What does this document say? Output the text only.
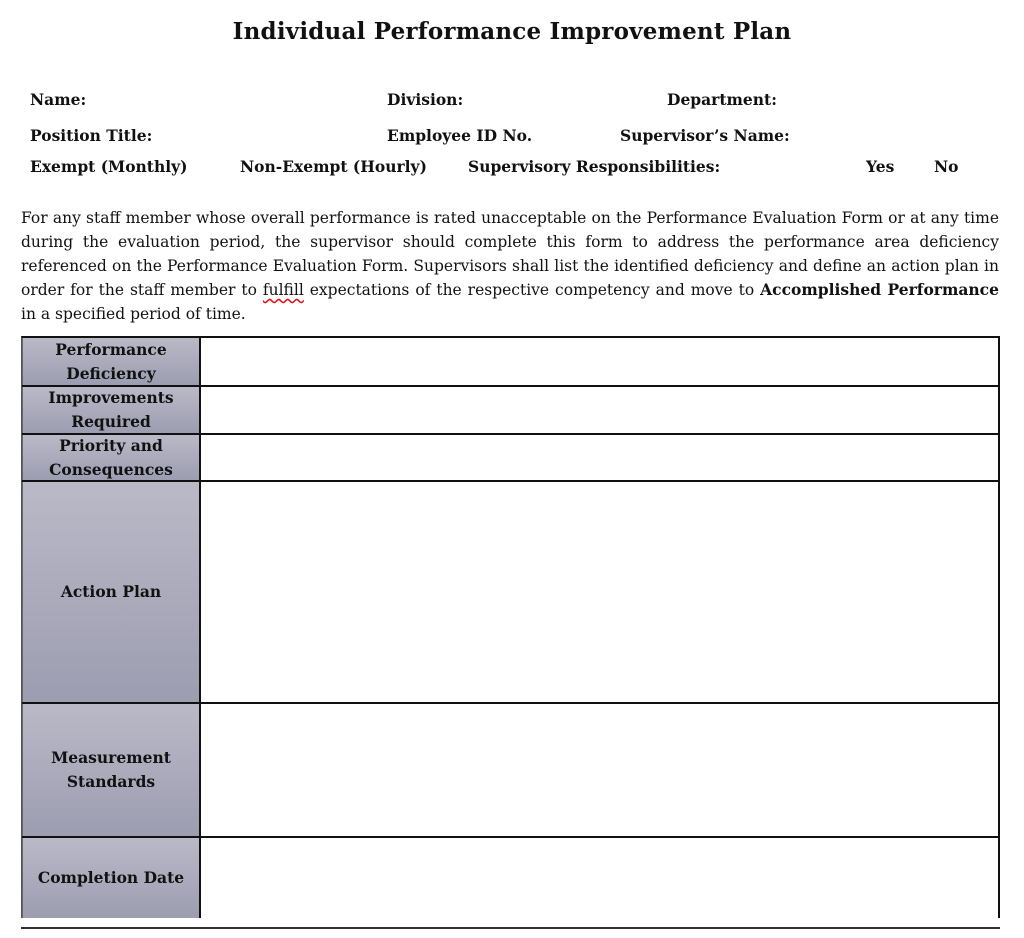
Individual Performance Improvement Plan
Name:	Division:	Department:
Position Title:	Employee ID No.	Supervisor’s Name:
Exempt (Monthly)	Non-Exempt (Hourly)	Supervisory Responsibilities:	Yes	No
For any staff member whose overall performance is rated unacceptable on the Performance Evaluation Form or at any time during the evaluation period, the supervisor should complete this form to address the performance area deficiency referenced on the Performance Evaluation Form. Supervisors shall list the identified deficiency and define an action plan in order for the staff member to fulfill expectations of the respective competency and move to Accomplished Performance in a specified period of time.
Performance Deficiency
Improvements Required
Priority and Consequences
Action Plan
Measurement Standards
Completion Date
